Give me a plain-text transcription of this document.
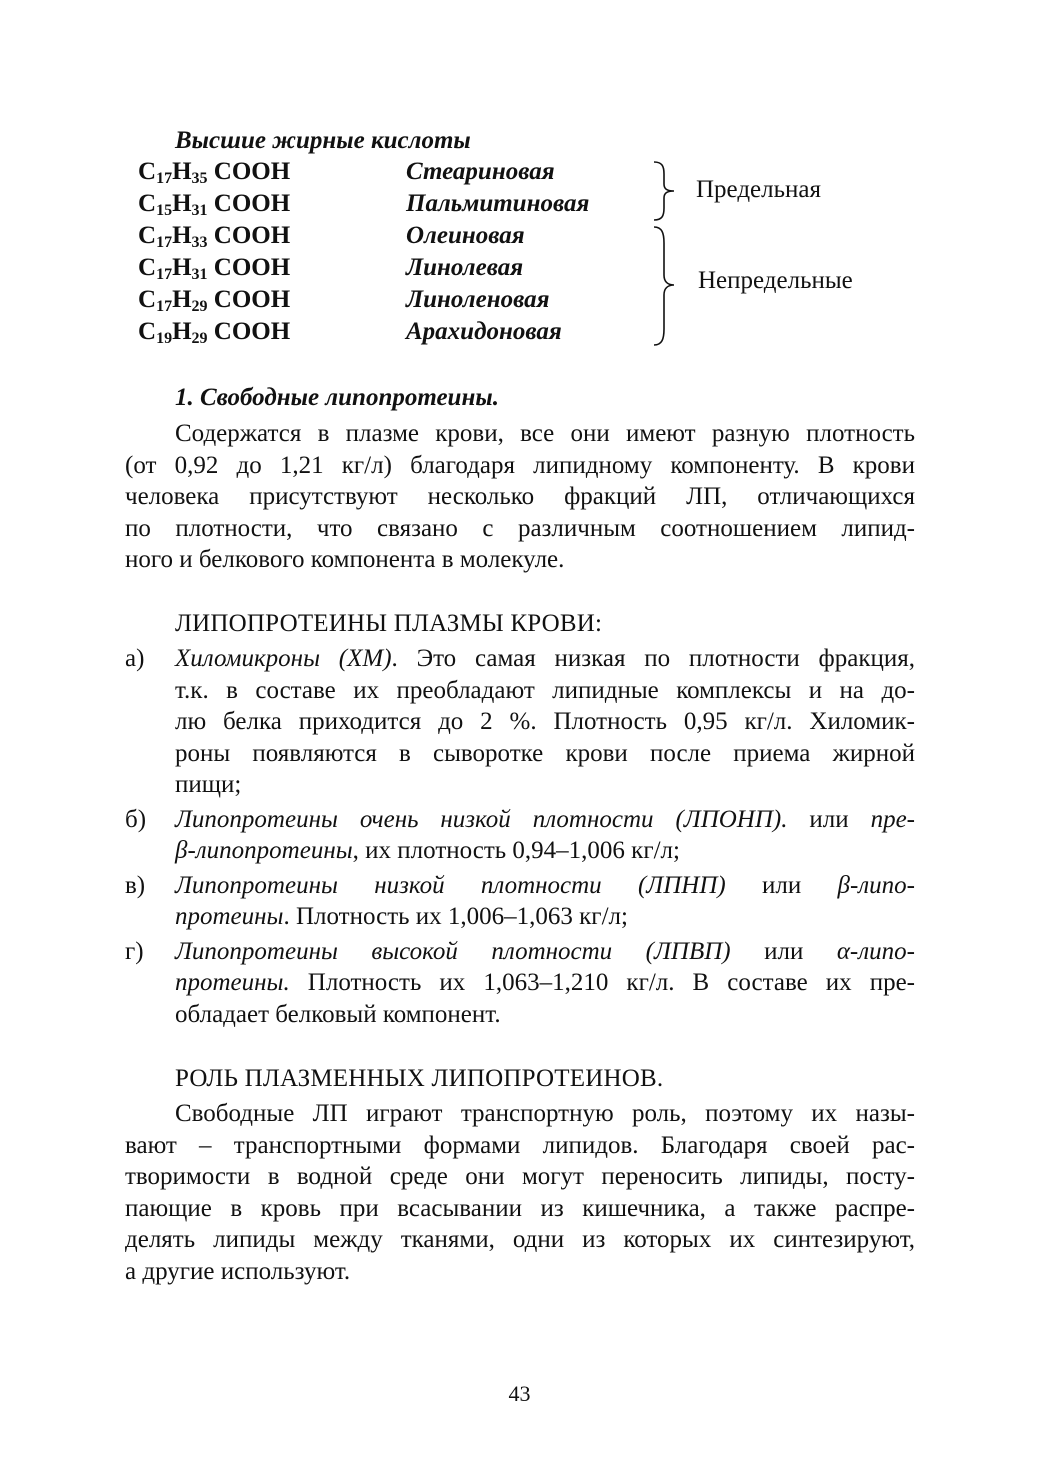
Высшие жирные кислоты
$C_{17}H_{35}$ COOH	Стеариновая
$C_{15}H_{31}$ COOH	Пальмитиновая
$C_{17}H_{33}$ COOH	Олеиновая
$C_{17}H_{31}$ COOH	Линолевая
$C_{17}H_{29}$ COOH	Линоленовая
$C_{19}H_{29}$ COOH	Арахидоновая
Предельная
Непредельные
1. Свободные липопротеины.
Содержатся в плазме крови, все они имеют разную плотность
(от 0,92 до 1,21 кг/л) благодаря липидному компоненту. В крови
человека присутствуют несколько фракций ЛП, отличающихся
по плотности, что связано с различным соотношением липид-
ного и белкового компонента в молекуле.
ЛИПОПРОТЕИНЫ ПЛАЗМЫ КРОВИ:
а) Хиломикроны (ХМ). Это самая низкая по плотности фракция,
т.к. в составе их преобладают липидные комплексы и на до-
лю белка приходится до 2 %. Плотность 0,95 кг/л. Хиломик-
роны появляются в сыворотке крови после приема жирной
пищи;
б) Липопротеины очень низкой плотности (ЛПОНП). или пре-
β-липопротеины, их плотность 0,94–1,006 кг/л;
в) Липопротеины низкой плотности (ЛПНП) или β-липо-
протеины. Плотность их 1,006–1,063 кг/л;
г) Липопротеины высокой плотности (ЛПВП) или α-липо-
протеины. Плотность их 1,063–1,210 кг/л. В составе их пре-
обладает белковый компонент.
РОЛЬ ПЛАЗМЕННЫХ ЛИПОПРОТЕИНОВ.
Свободные ЛП играют транспортную роль, поэтому их назы-
вают – транспортными формами липидов. Благодаря своей рас-
творимости в водной среде они могут переносить липиды, посту-
пающие в кровь при всасывании из кишечника, а также распре-
делять липиды между тканями, одни из которых их синтезируют,
а другие используют.
43
